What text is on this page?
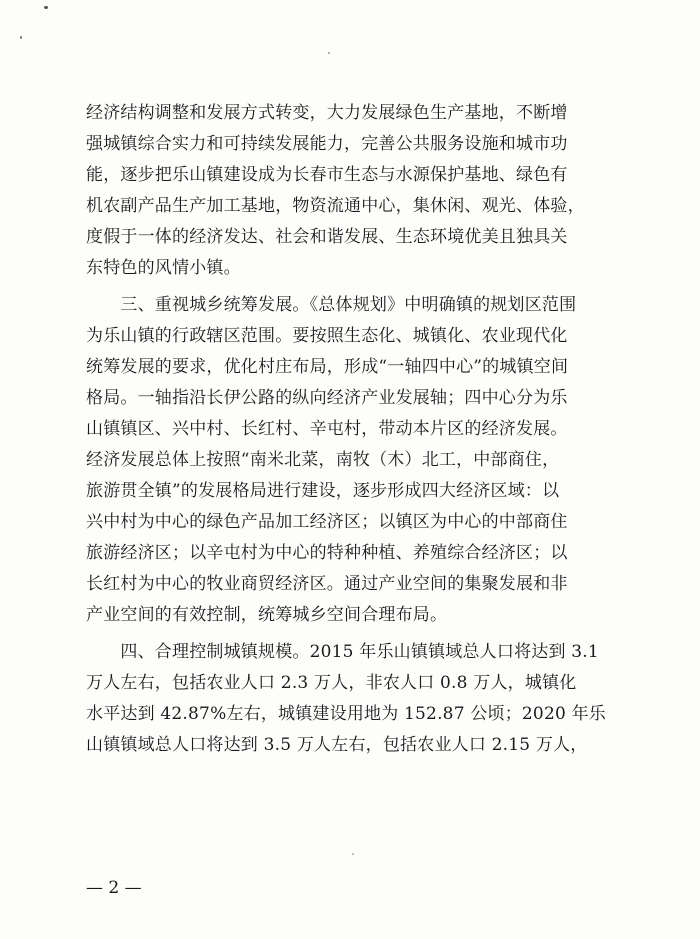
经济结构调整和发展方式转变，大力发展绿色生产基地，不断增
强城镇综合实力和可持续发展能力，完善公共服务设施和城市功
能，逐步把乐山镇建设成为长春市生态与水源保护基地、绿色有
机农副产品生产加工基地，物资流通中心，集休闲、观光、体验，
度假于一体的经济发达、社会和谐发展、生态环境优美且独具关
东特色的风情小镇。
　　三、重视城乡统筹发展。《总体规划》中明确镇的规划区范围
为乐山镇的行政辖区范围。要按照生态化、城镇化、农业现代化
统筹发展的要求，优化村庄布局，形成“一轴四中心”的城镇空间
格局。一轴指沿长伊公路的纵向经济产业发展轴；四中心分为乐
山镇镇区、兴中村、长红村、辛屯村，带动本片区的经济发展。
经济发展总体上按照“南米北菜，南牧（木）北工，中部商住，
旅游贯全镇”的发展格局进行建设，逐步形成四大经济区域：以
兴中村为中心的绿色产品加工经济区；以镇区为中心的中部商住
旅游经济区；以辛屯村为中心的特种种植、养殖综合经济区；以
长红村为中心的牧业商贸经济区。通过产业空间的集聚发展和非
产业空间的有效控制，统筹城乡空间合理布局。
　　四、合理控制城镇规模。2015 年乐山镇镇域总人口将达到 3.1
万人左右，包括农业人口 2.3 万人，非农人口 0.8 万人，城镇化
水平达到 42.87%左右，城镇建设用地为 152.87 公顷；2020 年乐
山镇镇域总人口将达到 3.5 万人左右，包括农业人口 2.15 万人，
— 2 —
